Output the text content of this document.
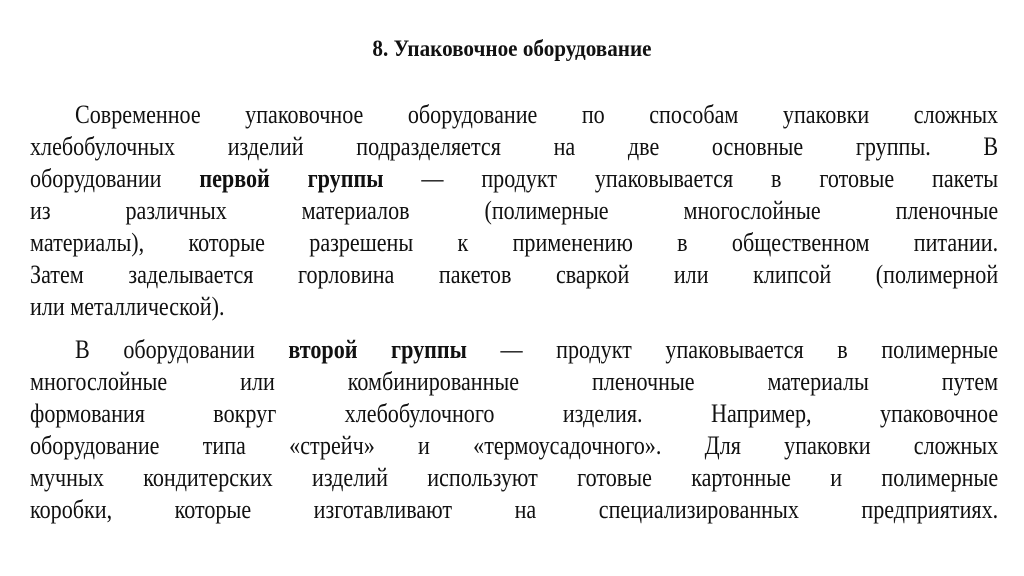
8. Упаковочное оборудование
Современное упаковочное оборудование по способам упаковки сложных
хлебобулочных изделий подразделяется на две основные группы. В
оборудовании первой группы — продукт упаковывается в готовые пакеты
из различных материалов (полимерные многослойные пленочные
материалы), которые разрешены к применению в общественном питании.
Затем заделывается горловина пакетов сваркой или клипсой (полимерной
или металлической).
В оборудовании второй группы — продукт упаковывается в полимерные
многослойные или комбинированные пленочные материалы путем
формования вокруг хлебобулочного изделия. Например, упаковочное
оборудование типа «стрейч» и «термоусадочного». Для упаковки сложных
мучных кондитерских изделий используют готовые картонные и полимерные
коробки, которые изготавливают на специализированных предприятиях.
